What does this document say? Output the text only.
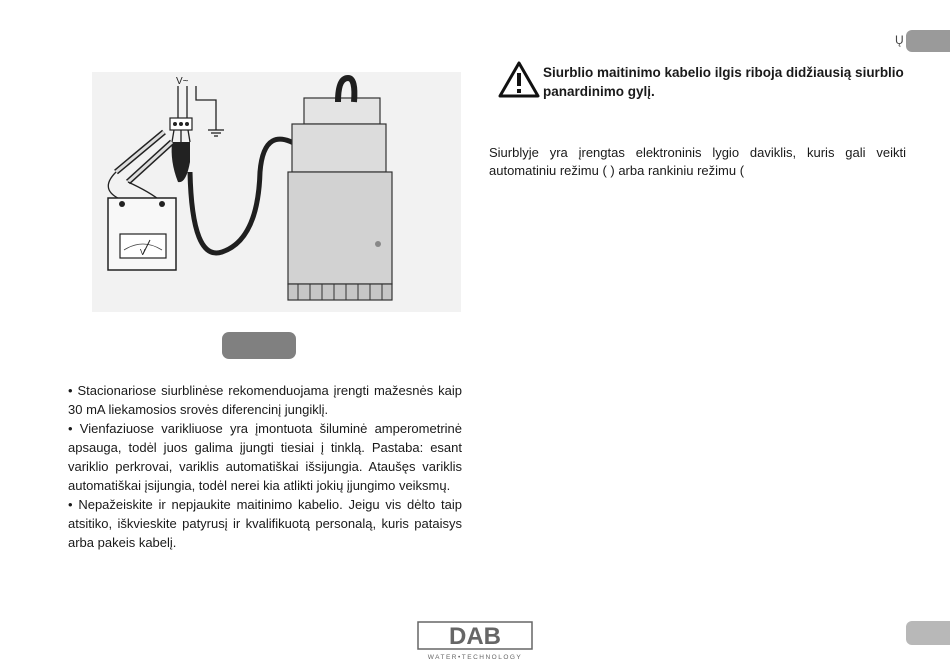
Ų
V~
V
Siurblio maitinimo kabelio ilgis riboja didžiausią siurblio panardinimo gylį.
Siurblyje yra įrengtas elektroninis lygio daviklis, kuris gali veikti automatiniu režimu ( ) arba rankiniu režimu (

• Stacionariose siurblinėse rekomenduojama įrengti mažesnės kaip 30 mA liekamosios srovės diferencinį jungiklį.

• Vienfaziuose varikliuose yra įmontuota šiluminė amperometrinė apsauga, todėl juos galima įjungti tiesiai į tinklą. Pastaba: esant variklio perkrovai, variklis automatiškai išsijungia. Ataušęs variklis automatiškai įsijungia, todėl nerei kia atlikti jokių įjungimo veiksmų.

• Nepažeiskite ir nepjaukite maitinimo kabelio. Jeigu vis dėlto taip atsitiko, iškvieskite patyrusį ir kvalifikuotą personalą, kuris pataisys arba pakeis kabelį.

DAB
WATER•TECHNOLOGY
